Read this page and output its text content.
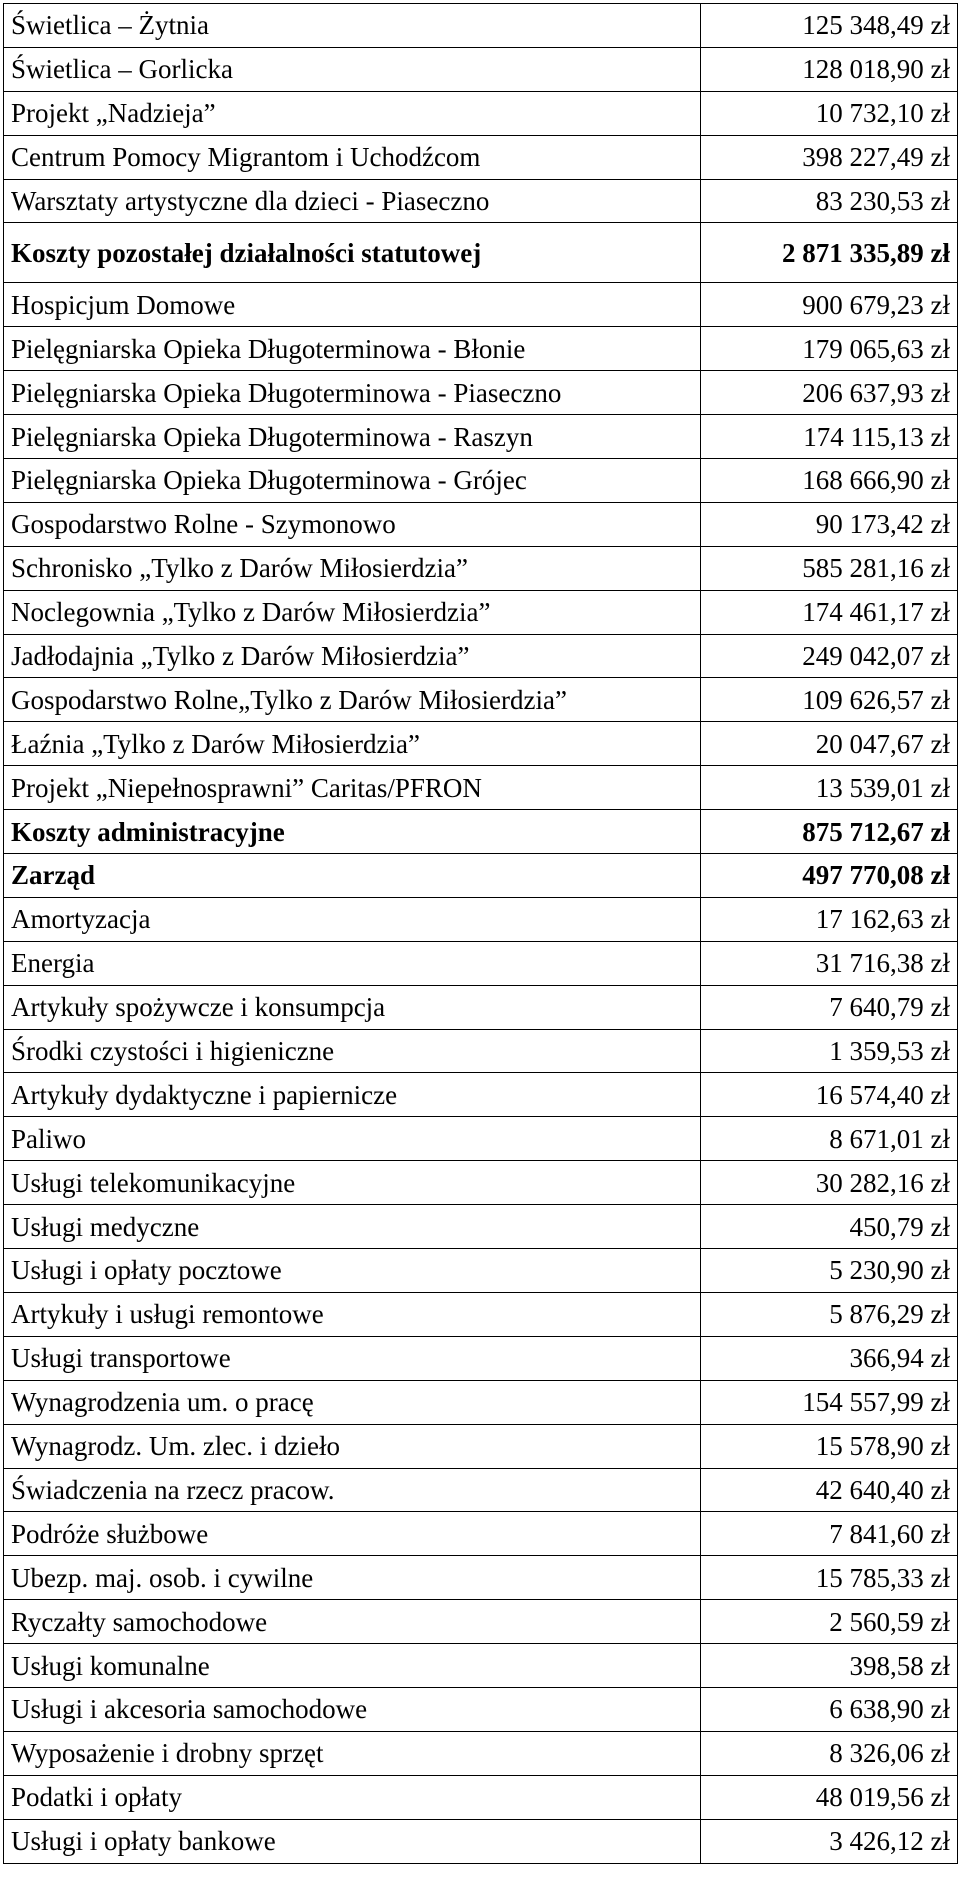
Świetlica – Żytnia	125 348,49 zł
Świetlica – Gorlicka	128 018,90 zł
Projekt „Nadzieja”	10 732,10 zł
Centrum Pomocy Migrantom i Uchodźcom	398 227,49 zł
Warsztaty artystyczne dla dzieci - Piaseczno	83 230,53 zł
Koszty pozostałej działalności statutowej	2 871 335,89 zł
Hospicjum Domowe	900 679,23 zł
Pielęgniarska Opieka Długoterminowa - Błonie	179 065,63 zł
Pielęgniarska Opieka Długoterminowa - Piaseczno	206 637,93 zł
Pielęgniarska Opieka Długoterminowa - Raszyn	174 115,13 zł
Pielęgniarska Opieka Długoterminowa - Grójec	168 666,90 zł
Gospodarstwo Rolne - Szymonowo	90 173,42 zł
Schronisko „Tylko z Darów Miłosierdzia”	585 281,16 zł
Noclegownia „Tylko z Darów Miłosierdzia”	174 461,17 zł
Jadłodajnia „Tylko z Darów Miłosierdzia”	249 042,07 zł
Gospodarstwo Rolne„Tylko z Darów Miłosierdzia”	109 626,57 zł
Łaźnia „Tylko z Darów Miłosierdzia”	20 047,67 zł
Projekt „Niepełnosprawni” Caritas/PFRON	13 539,01 zł
Koszty administracyjne	875 712,67 zł
Zarząd	497 770,08 zł
Amortyzacja	17 162,63 zł
Energia	31 716,38 zł
Artykuły spożywcze i konsumpcja	7 640,79 zł
Środki czystości i higieniczne	1 359,53 zł
Artykuły dydaktyczne i papiernicze	16 574,40 zł
Paliwo	8 671,01 zł
Usługi telekomunikacyjne	30 282,16 zł
Usługi medyczne	450,79 zł
Usługi i opłaty pocztowe	5 230,90 zł
Artykuły i usługi remontowe	5 876,29 zł
Usługi transportowe	366,94 zł
Wynagrodzenia um. o pracę	154 557,99 zł
Wynagrodz. Um. zlec. i dzieło	15 578,90 zł
Świadczenia na rzecz pracow.	42 640,40 zł
Podróże służbowe	7 841,60 zł
Ubezp. maj. osob. i cywilne	15 785,33 zł
Ryczałty samochodowe	2 560,59 zł
Usługi komunalne	398,58 zł
Usługi i akcesoria samochodowe	6 638,90 zł
Wyposażenie i drobny sprzęt	8 326,06 zł
Podatki i opłaty	48 019,56 zł
Usługi i opłaty bankowe	3 426,12 zł
